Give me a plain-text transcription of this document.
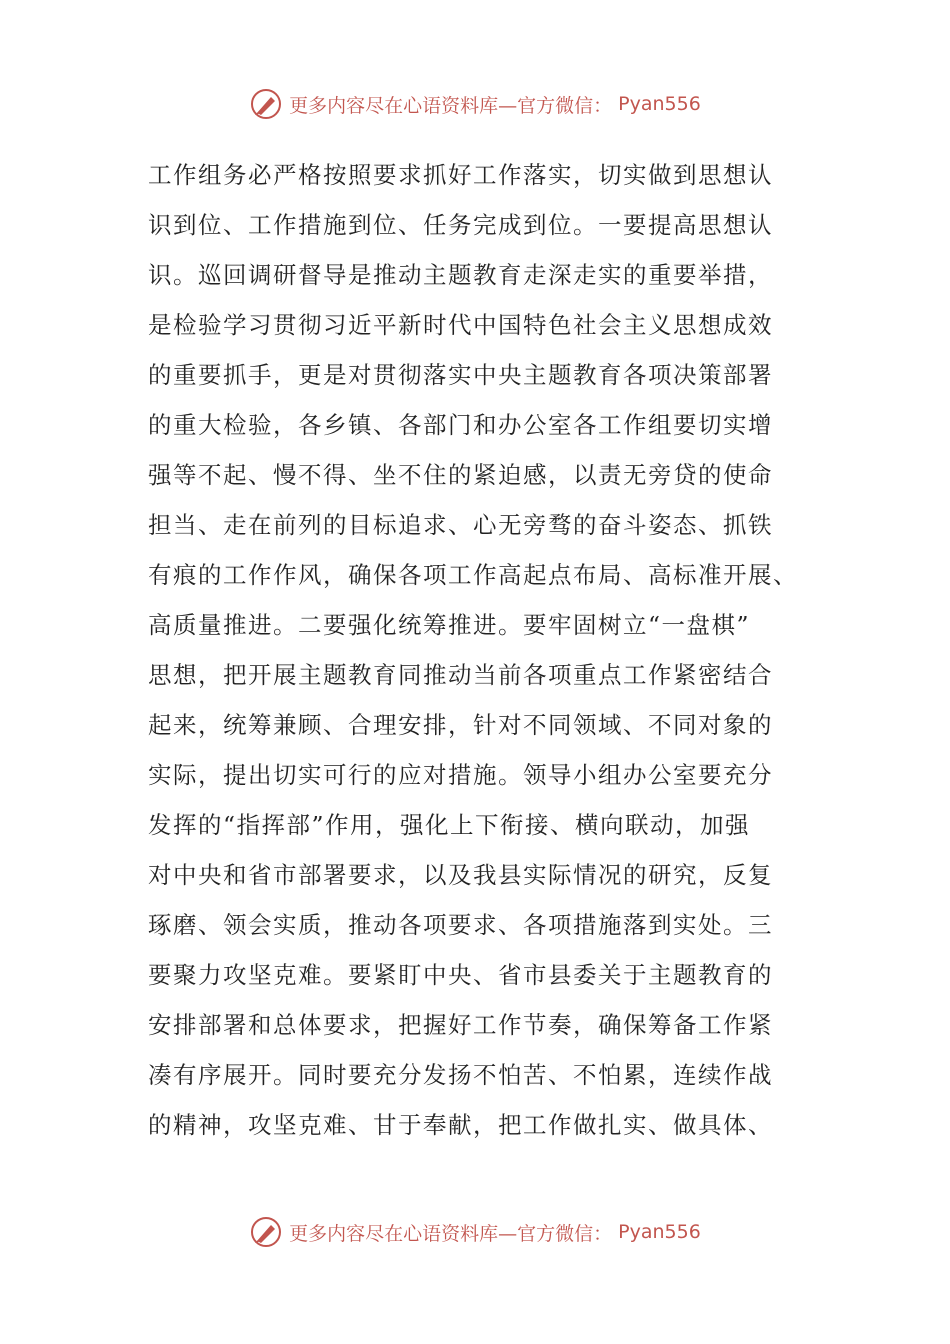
更多内容尽在心语资料库—官方微信： Pyan556
工作组务必严格按照要求抓好工作落实，切实做到思想认
识到位、工作措施到位、任务完成到位。一要提高思想认
识。巡回调研督导是推动主题教育走深走实的重要举措，
是检验学习贯彻习近平新时代中国特色社会主义思想成效
的重要抓手，更是对贯彻落实中央主题教育各项决策部署
的重大检验，各乡镇、各部门和办公室各工作组要切实增
强等不起、慢不得、坐不住的紧迫感，以责无旁贷的使命
担当、走在前列的目标追求、心无旁骛的奋斗姿态、抓铁
有痕的工作作风，确保各项工作高起点布局、高标准开展、
高质量推进。二要强化统筹推进。要牢固树立“一盘棋”
思想，把开展主题教育同推动当前各项重点工作紧密结合
起来，统筹兼顾、合理安排，针对不同领域、不同对象的
实际，提出切实可行的应对措施。领导小组办公室要充分
发挥的“指挥部”作用，强化上下衔接、横向联动，加强
对中央和省市部署要求，以及我县实际情况的研究，反复
琢磨、领会实质，推动各项要求、各项措施落到实处。三
要聚力攻坚克难。要紧盯中央、省市县委关于主题教育的
安排部署和总体要求，把握好工作节奏，确保筹备工作紧
凑有序展开。同时要充分发扬不怕苦、不怕累，连续作战
的精神，攻坚克难、甘于奉献，把工作做扎实、做具体、
更多内容尽在心语资料库—官方微信： Pyan556
